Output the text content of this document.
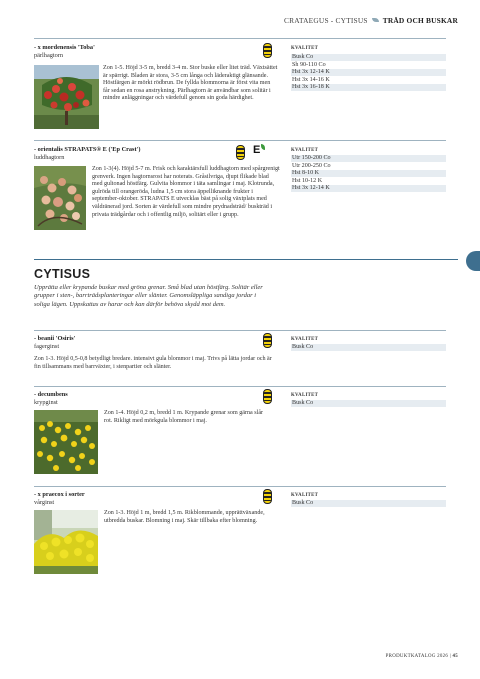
CRATAEGUS - CYTISUS TRÄD OCH BUSKAR
- x mordenensis 'Toba'
pärlhagtorn
Zon 1-5. Höjd 3-5 m, bredd 3-4 m. Stor buske eller litet träd. Växtsättet är spärrigt. Bladen är stora, 3-5 cm långa och läderaktigt glänsande. Höstfärgen är mörkt rödbrun. De fyllda blommorna är först vita men får sedan en rosa anstrykning. Pärlhagtorn är användbar som solitär i mindre anläggningar och värdefull genom sin goda härdighet.
KVALITET
Busk Co
Sh 90-110 Co
Hst 3x 12-14 K
Hst 3x 14-16 K
Hst 3x 16-18 K
- orientalis STRAPATS® E ('Ep Crast')
luddhagtorn
E
Zon 1-3(4). Höjd 5-7 m. Frisk och karaktärsfull luddhagtorn med spårgrenigt grenverk. Ingen hagtornsrost har noterats. Gråsilvriga, djupt flikade blad med gultonad höstfärg. Gulvita blommor i täta samlingar i maj. Klotrunda, gulröda till orangeröda, ludna 1,5 cm stora äppelliknande frukter i september-oktober. STRAPATS E utvecklas bäst på solig växtplats med väldränerad jord. Sorten är värdefull som mindre prydnadsträd/ buskträd i privata trädgårdar och i offentlig miljö, solitärt eller i grupp.
KVALITET
Utr 150-200 Co
Utr 200-250 Co
Hst 8-10 K
Hst 10-12 K
Hst 3x 12-14 K
CYTISUS
Upprätta eller krypande buskar med gröna grenar. Små blad utan höstfärg. Solitär eller grupper i sten-, barrträdsplanteringar eller slänter. Genomsläppliga sandiga jordar i soliga lägen. Uppskattas av harar och kan därför behöva skydd mot dem.
- beanii 'Osiris'
fagerginst
Zon 1-3. Höjd 0,5-0,8 betydligt bredare. intensivt gula blommor i maj. Trivs på lätta jordar och är fin tillsammans med barrväxter, i stenpartier och slänter.
KVALITET
Busk Co
- decumbens
krypginst
Zon 1-4. Höjd 0,2 m, bredd 1 m. Krypande grenar som gärna slår rot. Rikligt med mörkgula blommor i maj.
KVALITET
Busk Co
- x praecox i sorter
vårginst
Zon 1-3. Höjd 1 m, bredd 1,5 m. Rikblommande, upprättväxande, utbredda buskar. Blomning i maj. Skär tillbaka efter blomning.
KVALITET
Busk Co
PRODUKTKATALOG 2026 | 45
